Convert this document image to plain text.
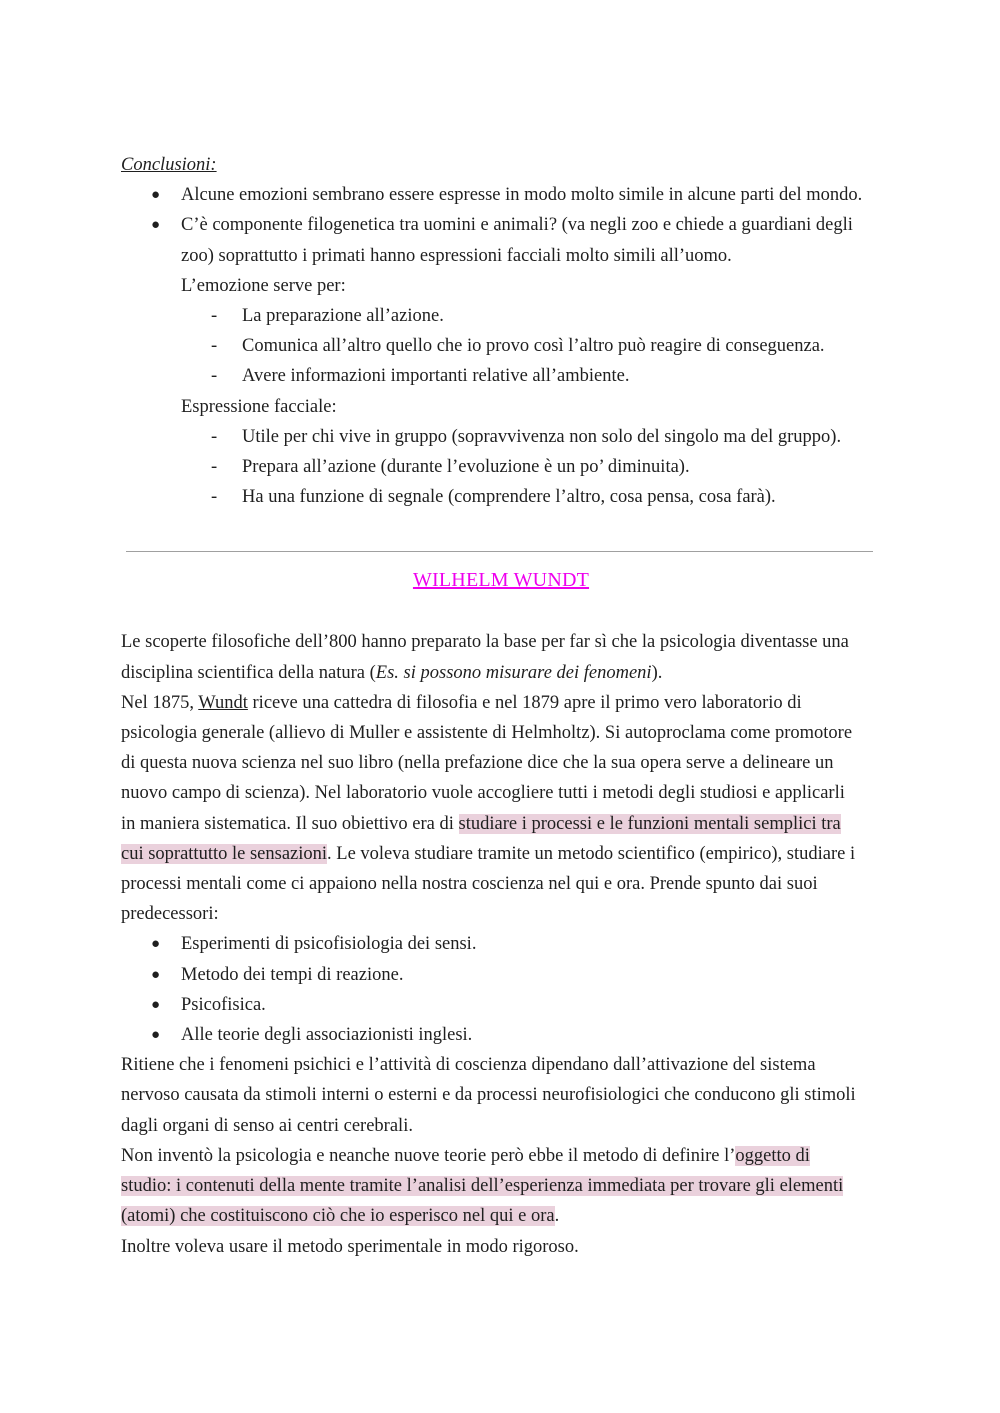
Conclusioni:
● Alcune emozioni sembrano essere espresse in modo molto simile in alcune parti del mondo.
● C’è componente filogenetica tra uomini e animali? (va negli zoo e chiede a guardiani degli
zoo) soprattutto i primati hanno espressioni facciali molto simili all’uomo.
L’emozione serve per:
- La preparazione all’azione.
- Comunica all’altro quello che io provo così l’altro può reagire di conseguenza.
- Avere informazioni importanti relative all’ambiente.
Espressione facciale:
- Utile per chi vive in gruppo (sopravvivenza non solo del singolo ma del gruppo).
- Prepara all’azione (durante l’evoluzione è un po’ diminuita).
- Ha una funzione di segnale (comprendere l’altro, cosa pensa, cosa farà).
WILHELM WUNDT
Le scoperte filosofiche dell’800 hanno preparato la base per far sì che la psicologia diventasse una
disciplina scientifica della natura (Es. si possono misurare dei fenomeni).
Nel 1875, Wundt riceve una cattedra di filosofia e nel 1879 apre il primo vero laboratorio di
psicologia generale (allievo di Muller e assistente di Helmholtz). Si autoproclama come promotore
di questa nuova scienza nel suo libro (nella prefazione dice che la sua opera serve a delineare un
nuovo campo di scienza). Nel laboratorio vuole accogliere tutti i metodi degli studiosi e applicarli
in maniera sistematica. Il suo obiettivo era di studiare i processi e le funzioni mentali semplici tra
cui soprattutto le sensazioni. Le voleva studiare tramite un metodo scientifico (empirico), studiare i
processi mentali come ci appaiono nella nostra coscienza nel qui e ora. Prende spunto dai suoi
predecessori:
● Esperimenti di psicofisiologia dei sensi.
● Metodo dei tempi di reazione.
● Psicofisica.
● Alle teorie degli associazionisti inglesi.
Ritiene che i fenomeni psichici e l’attività di coscienza dipendano dall’attivazione del sistema
nervoso causata da stimoli interni o esterni e da processi neurofisiologici che conducono gli stimoli
dagli organi di senso ai centri cerebrali.
Non inventò la psicologia e neanche nuove teorie però ebbe il metodo di definire l’oggetto di
studio: i contenuti della mente tramite l’analisi dell’esperienza immediata per trovare gli elementi
(atomi) che costituiscono ciò che io esperisco nel qui e ora.
Inoltre voleva usare il metodo sperimentale in modo rigoroso.
